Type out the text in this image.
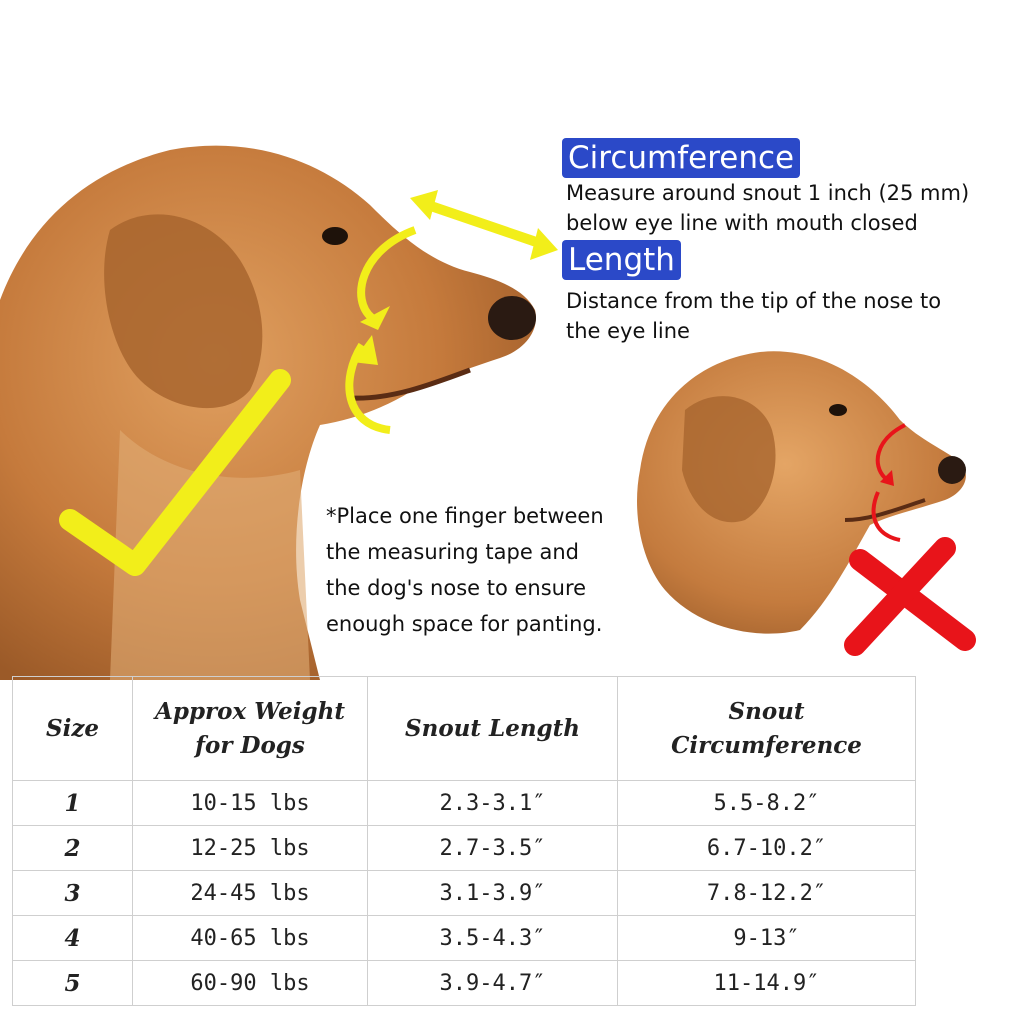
Circumference
Measure around snout 1 inch (25 mm)
below eye line with mouth closed
Length
Distance from the tip of the nose to
the eye line
*Place one finger between
the measuring tape and
the dog's nose to ensure
enough space for panting.
Size	Approx Weight for Dogs	Snout Length	Snout Circumference

1	10-15 lbs	2.3-3.1″	5.5-8.2″
2	12-25 lbs	2.7-3.5″	6.7-10.2″
3	24-45 lbs	3.1-3.9″	7.8-12.2″
4	40-65 lbs	3.5-4.3″	9-13″
5	60-90 lbs	3.9-4.7″	11-14.9″
